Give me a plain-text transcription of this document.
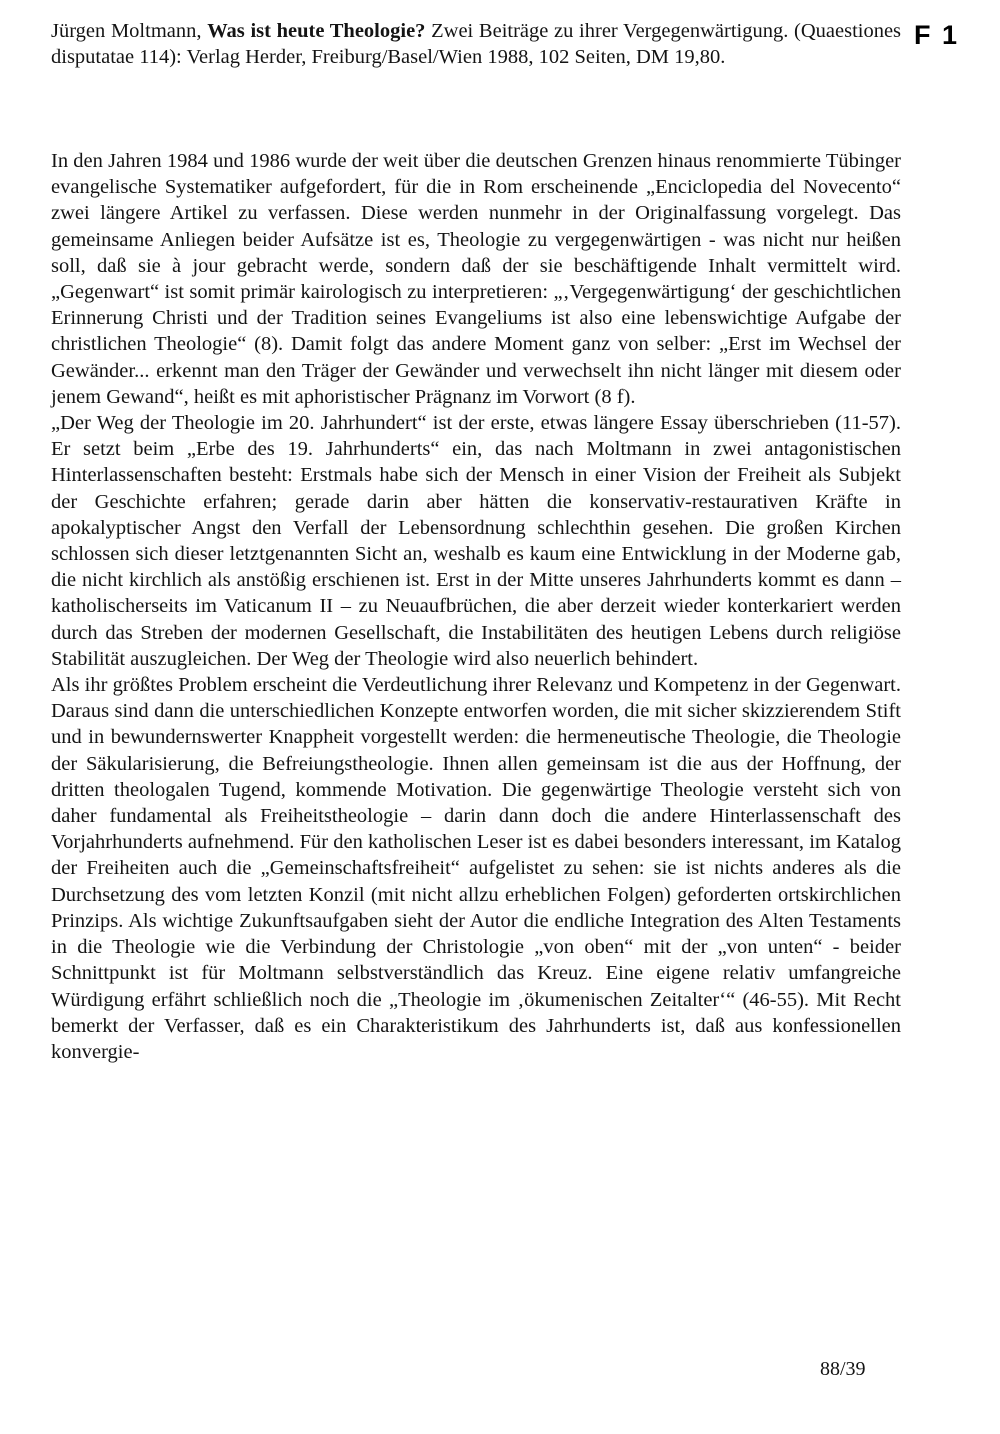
Jürgen Moltmann, Was ist heute Theologie? Zwei Beiträge zu ihrer Vergegenwärtigung. (Quaestiones disputatae 114): Verlag Herder, Freiburg/Basel/Wien 1988, 102 Seiten, DM 19,80.
F 1

In den Jahren 1984 und 1986 wurde der weit über die deutschen Grenzen hinaus renommierte Tübinger evangelische Systematiker aufgefordert, für die in Rom erscheinende „Enciclopedia del Novecento“ zwei längere Artikel zu verfassen. Diese werden nunmehr in der Originalfassung vorgelegt. Das gemeinsame Anliegen beider Aufsätze ist es, Theologie zu vergegenwärtigen - was nicht nur heißen soll, daß sie à jour gebracht werde, sondern daß der sie beschäftigende Inhalt vermittelt wird. „Gegenwart“ ist somit primär kairologisch zu interpretieren: „‚Vergegenwärtigung‘ der geschichtlichen Erinnerung Christi und der Tradition seines Evangeliums ist also eine lebenswichtige Aufgabe der christlichen Theologie“ (8). Damit folgt das andere Moment ganz von selber: „Erst im Wechsel der Gewänder... erkennt man den Träger der Gewänder und verwechselt ihn nicht länger mit diesem oder jenem Gewand“, heißt es mit aphoristischer Prägnanz im Vorwort (8 f).

„Der Weg der Theologie im 20. Jahrhundert“ ist der erste, etwas längere Essay überschrieben (11-57). Er setzt beim „Erbe des 19. Jahrhunderts“ ein, das nach Moltmann in zwei antagonistischen Hinterlassenschaften besteht: Erstmals habe sich der Mensch in einer Vision der Freiheit als Subjekt der Geschichte erfahren; gerade darin aber hätten die konservativ-restaurativen Kräfte in apokalyptischer Angst den Verfall der Lebensordnung schlechthin gesehen. Die großen Kirchen schlossen sich dieser letztgenannten Sicht an, weshalb es kaum eine Entwicklung in der Moderne gab, die nicht kirchlich als anstößig erschienen ist. Erst in der Mitte unseres Jahrhunderts kommt es dann – katholischerseits im Vaticanum II – zu Neuaufbrüchen, die aber derzeit wieder konterkariert werden durch das Streben der modernen Gesellschaft, die Instabilitäten des heutigen Lebens durch religiöse Stabilität auszugleichen. Der Weg der Theologie wird also neuerlich behindert.

Als ihr größtes Problem erscheint die Verdeutlichung ihrer Relevanz und Kompetenz in der Gegenwart. Daraus sind dann die unterschiedlichen Konzepte entworfen worden, die mit sicher skizzierendem Stift und in bewundernswerter Knappheit vorgestellt werden: die hermeneutische Theologie, die Theologie der Säkularisierung, die Befreiungstheologie. Ihnen allen gemeinsam ist die aus der Hoffnung, der dritten theologalen Tugend, kommende Motivation. Die gegenwärtige Theologie versteht sich von daher fundamental als Freiheitstheologie – darin dann doch die andere Hinterlassenschaft des Vorjahrhunderts aufnehmend. Für den katholischen Leser ist es dabei besonders interessant, im Katalog der Freiheiten auch die „Gemeinschaftsfreiheit“ aufgelistet zu sehen: sie ist nichts anderes als die Durchsetzung des vom letzten Konzil (mit nicht allzu erheblichen Folgen) geforderten ortskirchlichen Prinzips. Als wichtige Zukunftsaufgaben sieht der Autor die endliche Integration des Alten Testaments in die Theologie wie die Verbindung der Christologie „von oben“ mit der „von unten“ - beider Schnittpunkt ist für Moltmann selbstverständlich das Kreuz. Eine eigene relativ umfangreiche Würdigung erfährt schließlich noch die „Theologie im ‚ökumenischen Zeitalter‘“ (46-55). Mit Recht bemerkt der Verfasser, daß es ein Charakteristikum des Jahrhunderts ist, daß aus konfessionellen konvergie-

88/39
